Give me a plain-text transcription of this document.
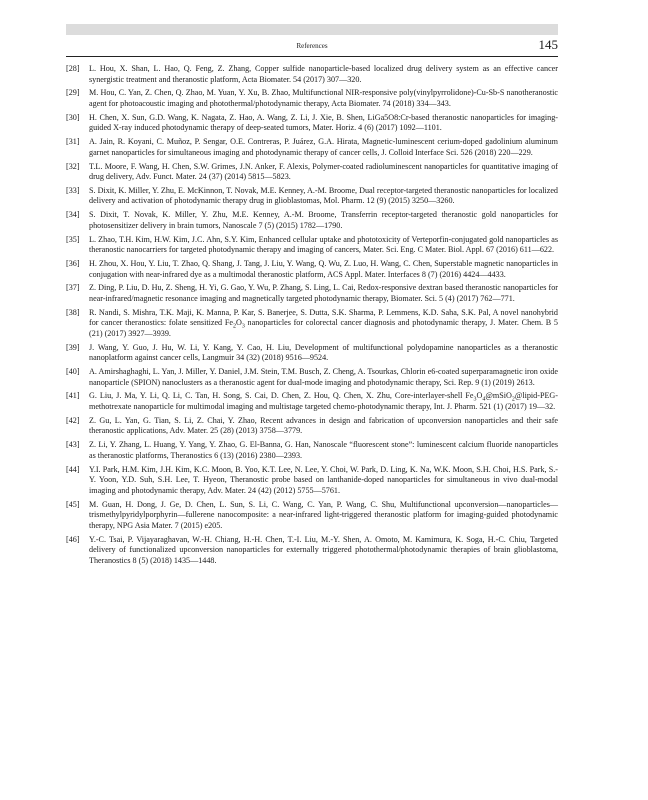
References	145
[28] L. Hou, X. Shan, L. Hao, Q. Feng, Z. Zhang, Copper sulfide nanoparticle-based localized drug delivery system as an effective cancer synergistic treatment and theranostic platform, Acta Biomater. 54 (2017) 307—320.
[29] M. Hou, C. Yan, Z. Chen, Q. Zhao, M. Yuan, Y. Xu, B. Zhao, Multifunctional NIR-responsive poly(vinylpyrrolidone)-Cu-Sb-S nanotheranostic agent for photoacoustic imaging and photothermal/photodynamic therapy, Acta Biomater. 74 (2018) 334—343.
[30] H. Chen, X. Sun, G.D. Wang, K. Nagata, Z. Hao, A. Wang, Z. Li, J. Xie, B. Shen, LiGa5O8:Cr-based theranostic nanoparticles for imaging-guided X-ray induced photodynamic therapy of deep-seated tumors, Mater. Horiz. 4 (6) (2017) 1092—1101.
[31] A. Jain, R. Koyani, C. Muñoz, P. Sengar, O.E. Contreras, P. Juárez, G.A. Hirata, Magnetic-luminescent cerium-doped gadolinium aluminum garnet nanoparticles for simultaneous imaging and photodynamic therapy of cancer cells, J. Colloid Interface Sci. 526 (2018) 220—229.
[32] T.L. Moore, F. Wang, H. Chen, S.W. Grimes, J.N. Anker, F. Alexis, Polymer-coated radioluminescent nanoparticles for quantitative imaging of drug delivery, Adv. Funct. Mater. 24 (37) (2014) 5815—5823.
[33] S. Dixit, K. Miller, Y. Zhu, E. McKinnon, T. Novak, M.E. Kenney, A.-M. Broome, Dual receptor-targeted theranostic nanoparticles for localized delivery and activation of photodynamic therapy drug in glioblastomas, Mol. Pharm. 12 (9) (2015) 3250—3260.
[34] S. Dixit, T. Novak, K. Miller, Y. Zhu, M.E. Kenney, A.-M. Broome, Transferrin receptor-targeted theranostic gold nanoparticles for photosensitizer delivery in brain tumors, Nanoscale 7 (5) (2015) 1782—1790.
[35] L. Zhao, T.H. Kim, H.W. Kim, J.C. Ahn, S.Y. Kim, Enhanced cellular uptake and phototoxicity of Verteporfin-conjugated gold nanoparticles as theranostic nanocarriers for targeted photodynamic therapy and imaging of cancers, Mater. Sci. Eng. C Mater. Biol. Appl. 67 (2016) 611—622.
[36] H. Zhou, X. Hou, Y. Liu, T. Zhao, Q. Shang, J. Tang, J. Liu, Y. Wang, Q. Wu, Z. Luo, H. Wang, C. Chen, Superstable magnetic nanoparticles in conjugation with near-infrared dye as a multimodal theranostic platform, ACS Appl. Mater. Interfaces 8 (7) (2016) 4424—4433.
[37] Z. Ding, P. Liu, D. Hu, Z. Sheng, H. Yi, G. Gao, Y. Wu, P. Zhang, S. Ling, L. Cai, Redox-responsive dextran based theranostic nanoparticles for near-infrared/magnetic resonance imaging and magnetically targeted photodynamic therapy, Biomater. Sci. 5 (4) (2017) 762—771.
[38] R. Nandi, S. Mishra, T.K. Maji, K. Manna, P. Kar, S. Banerjee, S. Dutta, S.K. Sharma, P. Lemmens, K.D. Saha, S.K. Pal, A novel nanohybrid for cancer theranostics: folate sensitized $Fe_2O_3$ nanoparticles for colorectal cancer diagnosis and photodynamic therapy, J. Mater. Chem. B 5 (21) (2017) 3927—3939.
[39] J. Wang, Y. Guo, J. Hu, W. Li, Y. Kang, Y. Cao, H. Liu, Development of multifunctional polydopamine nanoparticles as a theranostic nanoplatform against cancer cells, Langmuir 34 (32) (2018) 9516—9524.
[40] A. Amirshaghaghi, L. Yan, J. Miller, Y. Daniel, J.M. Stein, T.M. Busch, Z. Cheng, A. Tsourkas, Chlorin e6-coated superparamagnetic iron oxide nanoparticle (SPION) nanoclusters as a theranostic agent for dual-mode imaging and photodynamic therapy, Sci. Rep. 9 (1) (2019) 2613.
[41] G. Liu, J. Ma, Y. Li, Q. Li, C. Tan, H. Song, S. Cai, D. Chen, Z. Hou, Q. Chen, X. Zhu, Core-interlayer-shell $Fe_3O_4@mSiO_2@lipid-PEG$-methotrexate nanoparticle for multimodal imaging and multistage targeted chemo-photodynamic therapy, Int. J. Pharm. 521 (1) (2017) 19—32.
[42] Z. Gu, L. Yan, G. Tian, S. Li, Z. Chai, Y. Zhao, Recent advances in design and fabrication of upconversion nanoparticles and their safe theranostic applications, Adv. Mater. 25 (28) (2013) 3758—3779.
[43] Z. Li, Y. Zhang, L. Huang, Y. Yang, Y. Zhao, G. El-Banna, G. Han, Nanoscale “fluorescent stone”: luminescent calcium fluoride nanoparticles as theranostic platforms, Theranostics 6 (13) (2016) 2380—2393.
[44] Y.I. Park, H.M. Kim, J.H. Kim, K.C. Moon, B. Yoo, K.T. Lee, N. Lee, Y. Choi, W. Park, D. Ling, K. Na, W.K. Moon, S.H. Choi, H.S. Park, S.-Y. Yoon, Y.D. Suh, S.H. Lee, T. Hyeon, Theranostic probe based on lanthanide-doped nanoparticles for simultaneous in vivo dual-modal imaging and photodynamic therapy, Adv. Mater. 24 (42) (2012) 5755—5761.
[45] M. Guan, H. Dong, J. Ge, D. Chen, L. Sun, S. Li, C. Wang, C. Yan, P. Wang, C. Shu, Multifunctional upconversion—nanoparticles—trismethylpyridylporphyrin—fullerene nanocomposite: a near-infrared light-triggered theranostic platform for imaging-guided photodynamic therapy, NPG Asia Mater. 7 (2015) e205.
[46] Y.-C. Tsai, P. Vijayaraghavan, W.-H. Chiang, H.-H. Chen, T.-I. Liu, M.-Y. Shen, A. Omoto, M. Kamimura, K. Soga, H.-C. Chiu, Targeted delivery of functionalized upconversion nanoparticles for externally triggered photothermal/photodynamic therapies of brain glioblastoma, Theranostics 8 (5) (2018) 1435—1448.
